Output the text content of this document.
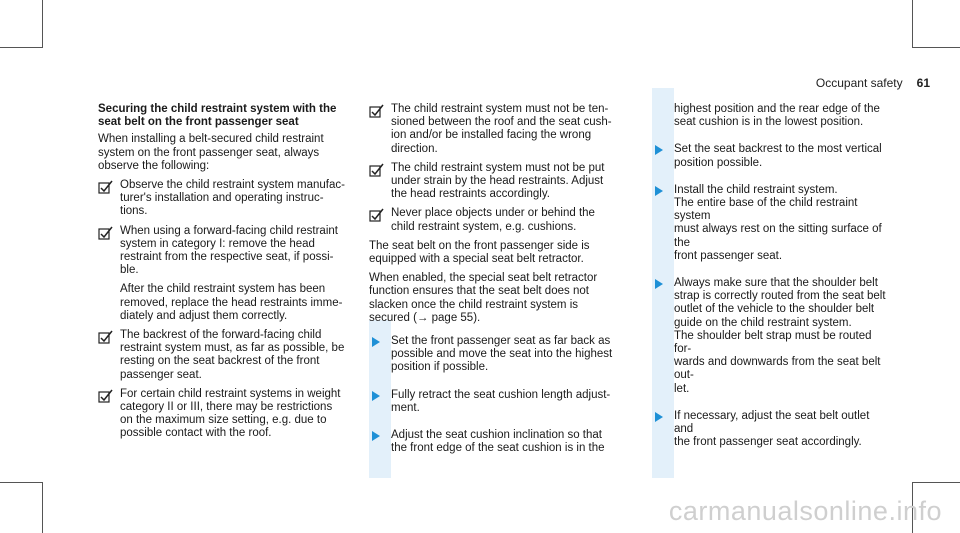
Occupant safety 61

Securing the child restraint system with the
seat belt on the front passenger seat

When installing a belt-secured child restraint
system on the front passenger seat, always
observe the following:

Observe the child restraint system manufac-
turer's installation and operating instruc-
tions.
When using a forward-facing child restraint
system in category I: remove the head
restraint from the respective seat, if possi-
ble.
After the child restraint system has been
removed, replace the head restraints imme-
diately and adjust them correctly.
The backrest of the forward-facing child
restraint system must, as far as possible, be
resting on the seat backrest of the front
passenger seat.
For certain child restraint systems in weight
category II or III, there may be restrictions
on the maximum size setting, e.g. due to
possible contact with the roof.
The child restraint system must not be ten-
sioned between the roof and the seat cush-
ion and/or be installed facing the wrong
direction.
The child restraint system must not be put
under strain by the head restraints. Adjust
the head restraints accordingly.
Never place objects under or behind the
child restraint system, e.g. cushions.

The seat belt on the front passenger side is
equipped with a special seat belt retractor.

When enabled, the special seat belt retractor
function ensures that the seat belt does not
slacken once the child restraint system is
secured (→ page 55).

Set the front passenger seat as far back as
possible and move the seat into the highest
position if possible.
Fully retract the seat cushion length adjust-
ment.
Adjust the seat cushion inclination so that
the front edge of the seat cushion is in the

highest position and the rear edge of the
seat cushion is in the lowest position.

Set the seat backrest to the most vertical
position possible.
Install the child restraint system.
The entire base of the child restraint system
must always rest on the sitting surface of the
front passenger seat.
Always make sure that the shoulder belt
strap is correctly routed from the seat belt
outlet of the vehicle to the shoulder belt
guide on the child restraint system.
The shoulder belt strap must be routed for-
wards and downwards from the seat belt out-
let.
If necessary, adjust the seat belt outlet and
the front passenger seat accordingly.
carmanualsonline.info
